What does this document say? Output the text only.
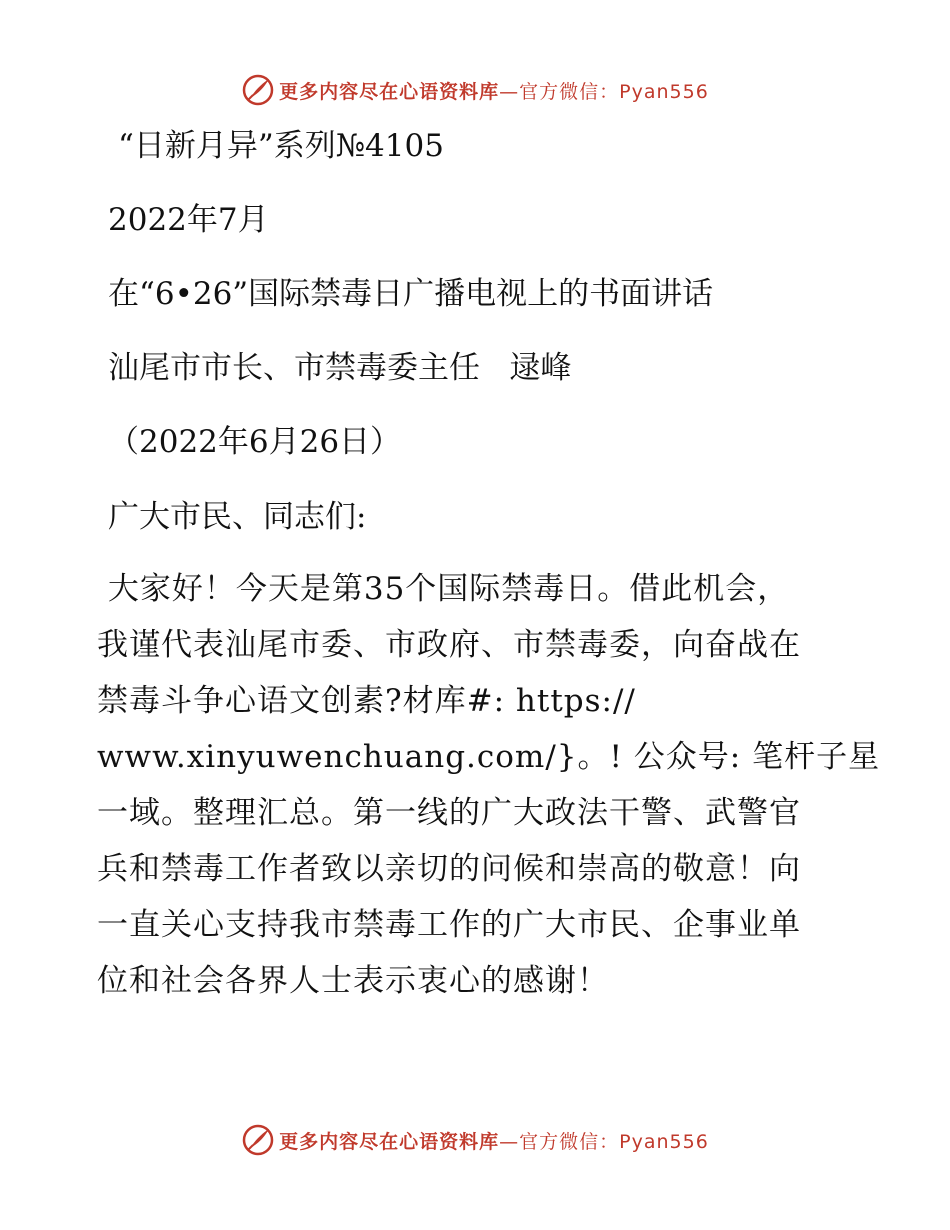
更多内容尽在心语资料库—官方微信：Pyan556
“日新月异”系列№4105
2022年7月
在“6•26”国际禁毒日广播电视上的书面讲话
汕尾市市长、市禁毒委主任   逯峰
（2022年6月26日）
广大市民、同志们:
大家好！今天是第35个国际禁毒日。借此机会，
我谨代表汕尾市委、市政府、市禁毒委，向奋战在
禁毒斗争心语文创素?材库#: https://
www.xinyuwenchuang.com/}。! 公众号: 笔杆子星
一域。整理汇总。第一线的广大政法干警、武警官
兵和禁毒工作者致以亲切的问候和崇高的敬意！向
一直关心支持我市禁毒工作的广大市民、企事业单
位和社会各界人士表示衷心的感谢！
更多内容尽在心语资料库—官方微信：Pyan556
